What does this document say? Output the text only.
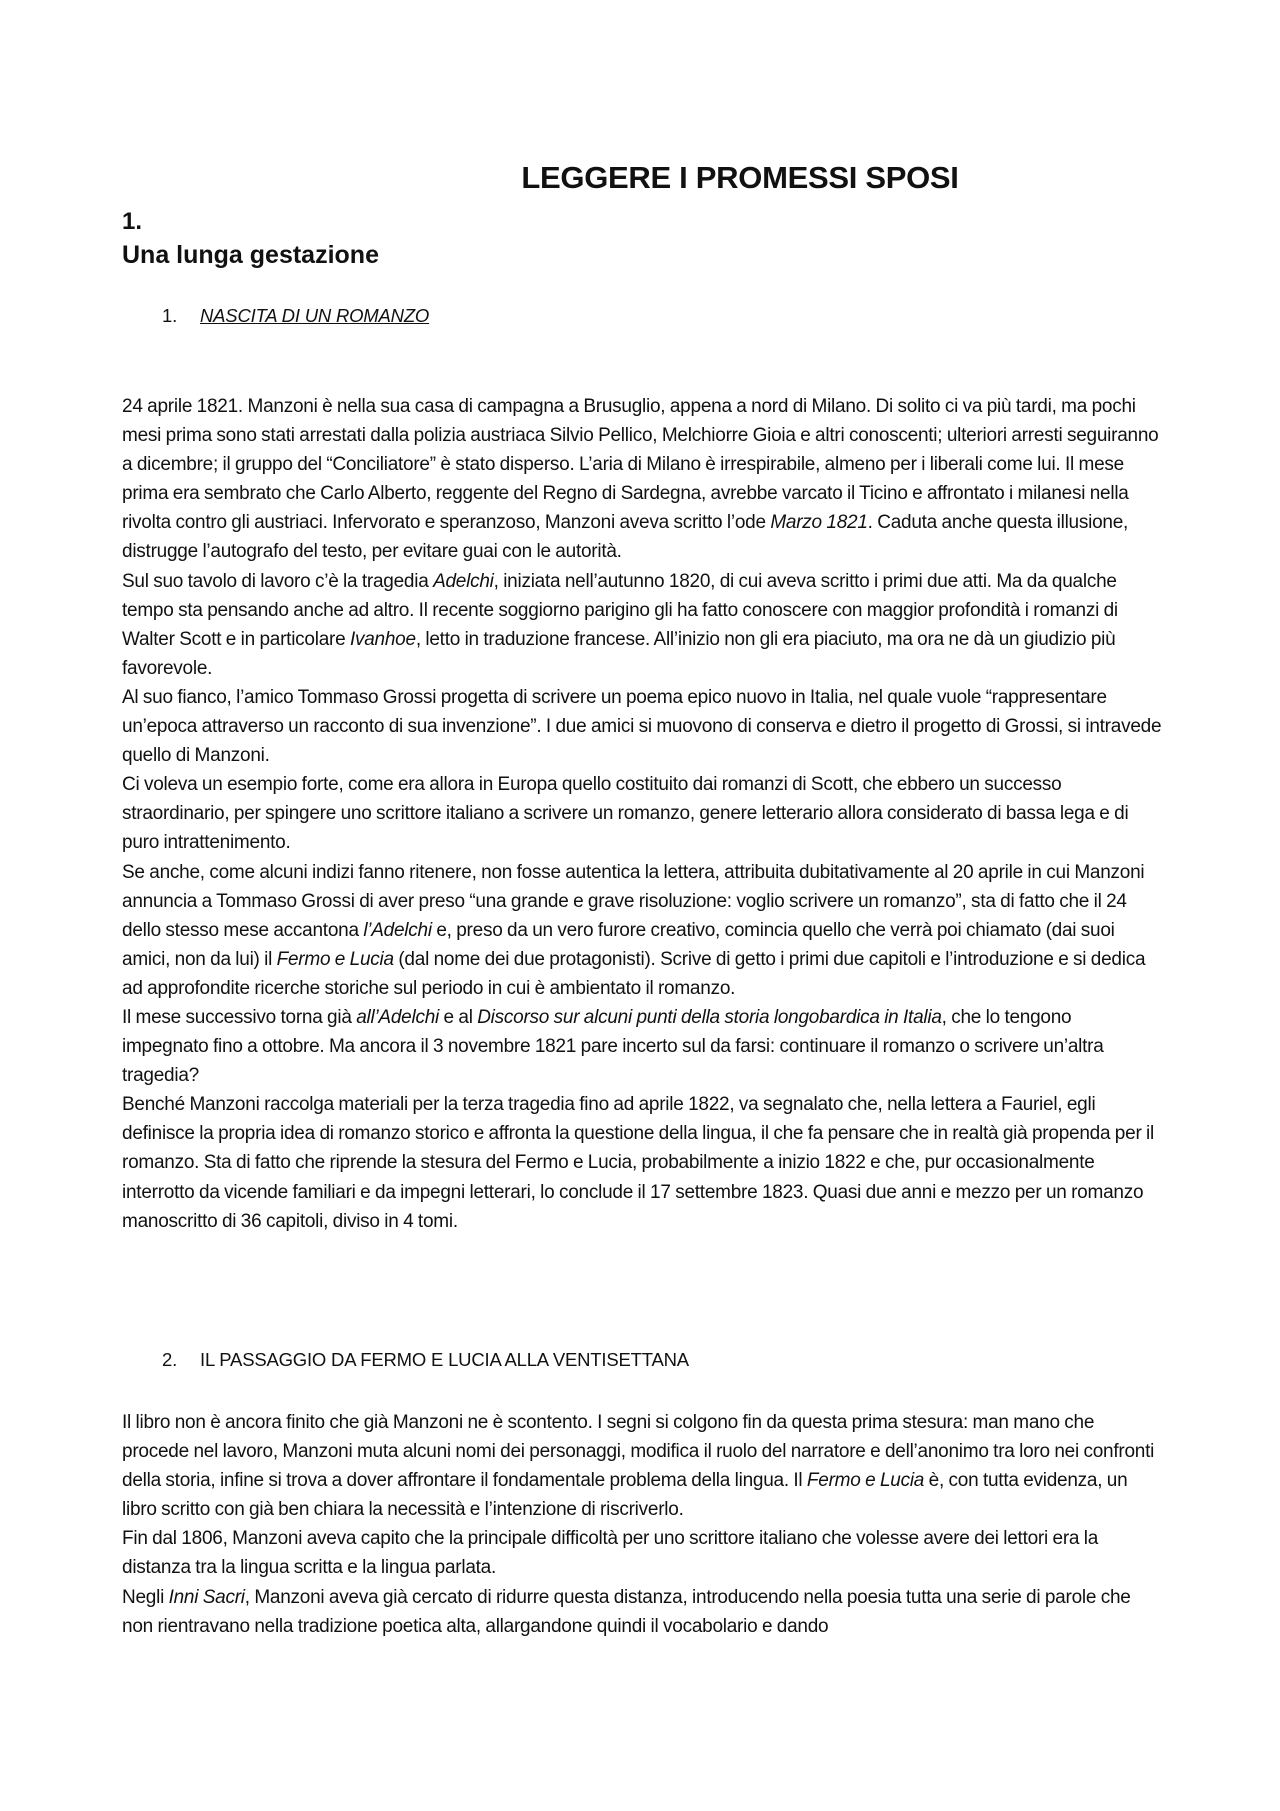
LEGGERE I PROMESSI SPOSI
1.
Una lunga gestazione
1. NASCITA DI UN ROMANZO

24 aprile 1821. Manzoni è nella sua casa di campagna a Brusuglio, appena a nord di Milano. Di solito ci va più tardi, ma pochi mesi prima sono stati arrestati dalla polizia austriaca Silvio Pellico, Melchiorre Gioia e altri conoscenti; ulteriori arresti seguiranno a dicembre; il gruppo del “Conciliatore” è stato disperso. L’aria di Milano è irrespirabile, almeno per i liberali come lui. Il mese prima era sembrato che Carlo Alberto, reggente del Regno di Sardegna, avrebbe varcato il Ticino e affrontato i milanesi nella rivolta contro gli austriaci. Infervorato e speranzoso, Manzoni aveva scritto l’ode Marzo 1821. Caduta anche questa illusione, distrugge l’autografo del testo, per evitare guai con le autorità.

Sul suo tavolo di lavoro c’è la tragedia Adelchi, iniziata nell’autunno 1820, di cui aveva scritto i primi due atti. Ma da qualche tempo sta pensando anche ad altro. Il recente soggiorno parigino gli ha fatto conoscere con maggior profondità i romanzi di Walter Scott e in particolare Ivanhoe, letto in traduzione francese. All’inizio non gli era piaciuto, ma ora ne dà un giudizio più favorevole.

Al suo fianco, l’amico Tommaso Grossi progetta di scrivere un poema epico nuovo in Italia, nel quale vuole “rappresentare un’epoca attraverso un racconto di sua invenzione”. I due amici si muovono di conserva e dietro il progetto di Grossi, si intravede quello di Manzoni.

Ci voleva un esempio forte, come era allora in Europa quello costituito dai romanzi di Scott, che ebbero un successo straordinario, per spingere uno scrittore italiano a scrivere un romanzo, genere letterario allora considerato di bassa lega e di puro intrattenimento.

Se anche, come alcuni indizi fanno ritenere, non fosse autentica la lettera, attribuita dubitativamente al 20 aprile in cui Manzoni annuncia a Tommaso Grossi di aver preso “una grande e grave risoluzione: voglio scrivere un romanzo”, sta di fatto che il 24 dello stesso mese accantona l’Adelchi e, preso da un vero furore creativo, comincia quello che verrà poi chiamato (dai suoi amici, non da lui) il Fermo e Lucia (dal nome dei due protagonisti). Scrive di getto i primi due capitoli e l’introduzione e si dedica ad approfondite ricerche storiche sul periodo in cui è ambientato il romanzo.

Il mese successivo torna già all’Adelchi e al Discorso sur alcuni punti della storia longobardica in Italia, che lo tengono impegnato fino a ottobre. Ma ancora il 3 novembre 1821 pare incerto sul da farsi: continuare il romanzo o scrivere un’altra tragedia?

Benché Manzoni raccolga materiali per la terza tragedia fino ad aprile 1822, va segnalato che, nella lettera a Fauriel, egli definisce la propria idea di romanzo storico e affronta la questione della lingua, il che fa pensare che in realtà già propenda per il romanzo. Sta di fatto che riprende la stesura del Fermo e Lucia, probabilmente a inizio 1822 e che, pur occasionalmente interrotto da vicende familiari e da impegni letterari, lo conclude il 17 settembre 1823. Quasi due anni e mezzo per un romanzo manoscritto di 36 capitoli, diviso in 4 tomi.

2. IL PASSAGGIO DA FERMO E LUCIA ALLA VENTISETTANA

Il libro non è ancora finito che già Manzoni ne è scontento. I segni si colgono fin da questa prima stesura: man mano che procede nel lavoro, Manzoni muta alcuni nomi dei personaggi, modifica il ruolo del narratore e dell’anonimo tra loro nei confronti della storia, infine si trova a dover affrontare il fondamentale problema della lingua. Il Fermo e Lucia è, con tutta evidenza, un libro scritto con già ben chiara la necessità e l’intenzione di riscriverlo.

Fin dal 1806, Manzoni aveva capito che la principale difficoltà per uno scrittore italiano che volesse avere dei lettori era la distanza tra la lingua scritta e la lingua parlata.

Negli Inni Sacri, Manzoni aveva già cercato di ridurre questa distanza, introducendo nella poesia tutta una serie di parole che non rientravano nella tradizione poetica alta, allargandone quindi il vocabolario e dando
